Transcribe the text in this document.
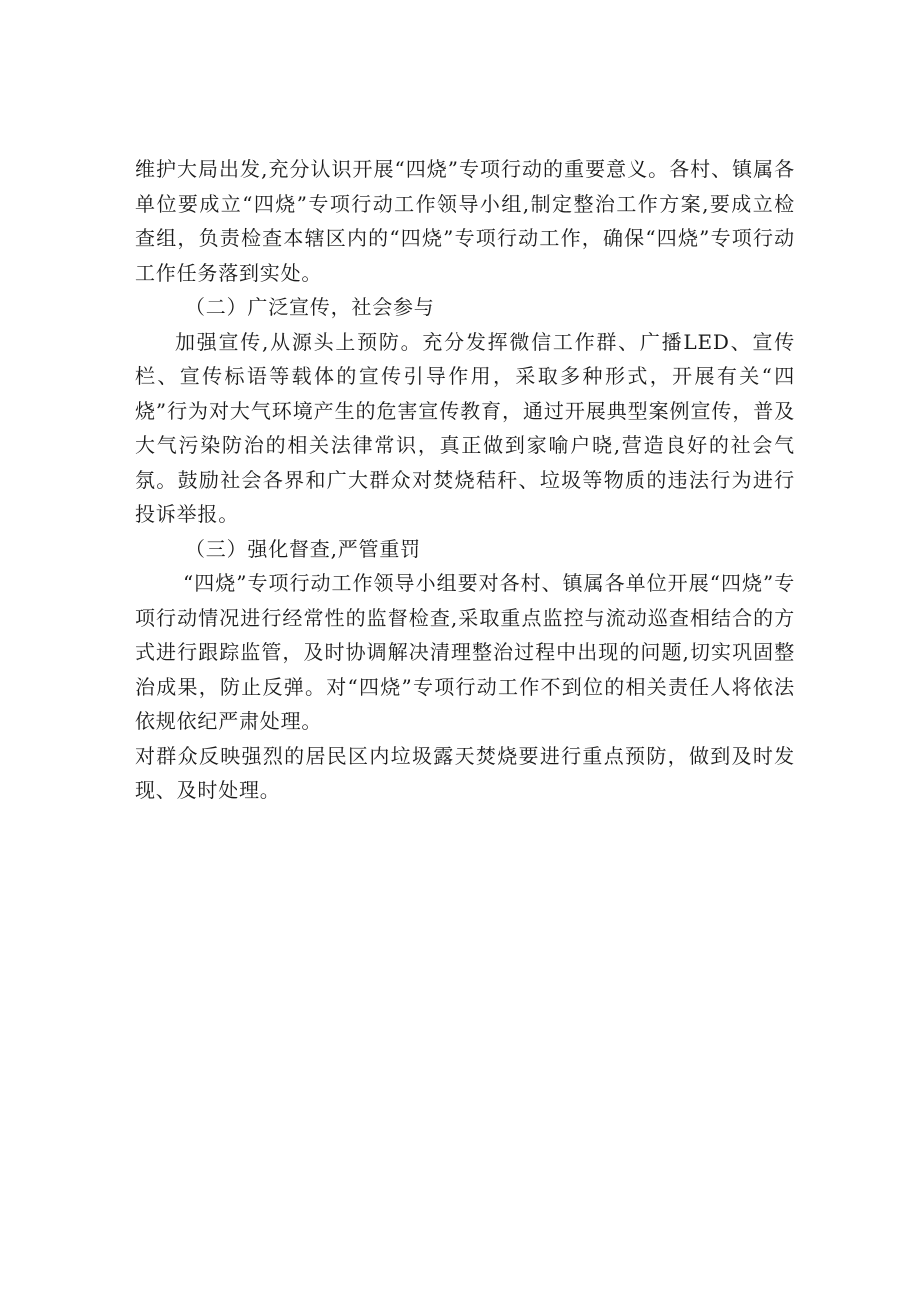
维护大局出发,充分认识开展“四烧”专项行动的重要意义。各村、镇属各单位要成立“四烧”专项行动工作领导小组,制定整治工作方案,要成立检查组，负责检查本辖区内的“四烧”专项行动工作，确保“四烧”专项行动工作任务落到实处。

（二）广泛宣传，社会参与

加强宣传,从源头上预防。充分发挥微信工作群、广播LED、宣传栏、宣传标语等载体的宣传引导作用，采取多种形式，开展有关“四烧”行为对大气环境产生的危害宣传教育，通过开展典型案例宣传，普及大气污染防治的相关法律常识，真正做到家喻户晓,营造良好的社会气氛。鼓励社会各界和广大群众对焚烧秸秆、垃圾等物质的违法行为进行投诉举报。

（三）强化督查,严管重罚

“四烧”专项行动工作领导小组要对各村、镇属各单位开展“四烧”专项行动情况进行经常性的监督检查,采取重点监控与流动巡查相结合的方式进行跟踪监管，及时协调解决清理整治过程中出现的问题,切实巩固整治成果，防止反弹。对“四烧”专项行动工作不到位的相关责任人将依法依规依纪严肃处理。

对群众反映强烈的居民区内垃圾露天焚烧要进行重点预防，做到及时发现、及时处理。
